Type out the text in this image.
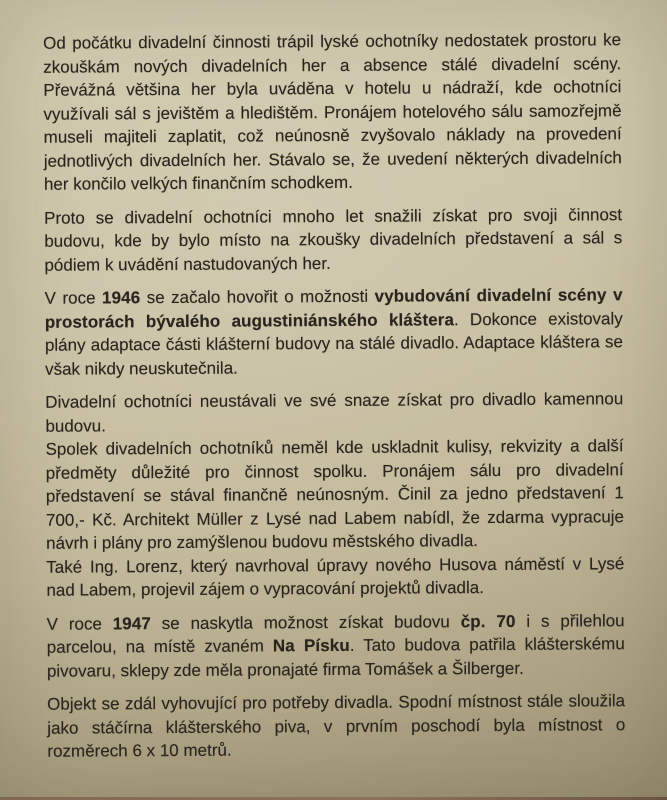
Od počátku divadelní činnosti trápil lyské ochotníky nedostatek prostoru ke zkouškám nových divadelních her a absence stálé divadelní scény. Převážná většina her byla uváděna v hotelu u nádraží, kde ochotníci využívali sál s jevištěm a hledištěm. Pronájem hotelového sálu samozřejmě museli majiteli zaplatit, což neúnosně zvyšovalo náklady na provedení jednotlivých divadelních her. Stávalo se, že uvedení některých divadelních her končilo velkých finančním schodkem.

Proto se divadelní ochotníci mnoho let snažili získat pro svoji činnost budovu, kde by bylo místo na zkoušky divadelních představení a sál s pódiem k uvádění nastudovaných her.

V roce 1946 se začalo hovořit o možnosti vybudování divadelní scény v prostorách bývalého augustiniánského kláštera. Dokonce existovaly plány adaptace části klášterní budovy na stálé divadlo. Adaptace kláštera se však nikdy neuskutečnila.

Divadelní ochotníci neustávali ve své snaze získat pro divadlo kamennou budovu.

Spolek divadelních ochotníků neměl kde uskladnit kulisy, rekvizity a další předměty důležité pro činnost spolku. Pronájem sálu pro divadelní představení se stával finančně neúnosným. Činil za jedno představení 1 700,- Kč. Architekt Müller z Lysé nad Labem nabídl, že zdarma vypracuje návrh i plány pro zamýšlenou budovu městského divadla.

Také Ing. Lorenz, který navrhoval úpravy nového Husova náměstí v Lysé nad Labem, projevil zájem o vypracování projektů divadla.

V roce 1947 se naskytla možnost získat budovu čp. 70 i s přilehlou parcelou, na místě zvaném Na Písku. Tato budova patřila klášterskému pivovaru, sklepy zde měla pronajaté firma Tomášek a Šilberger.

Objekt se zdál vyhovující pro potřeby divadla. Spodní místnost stále sloužila jako stáčírna klášterského piva, v prvním poschodí byla místnost o rozměrech 6 x 10 metrů.
